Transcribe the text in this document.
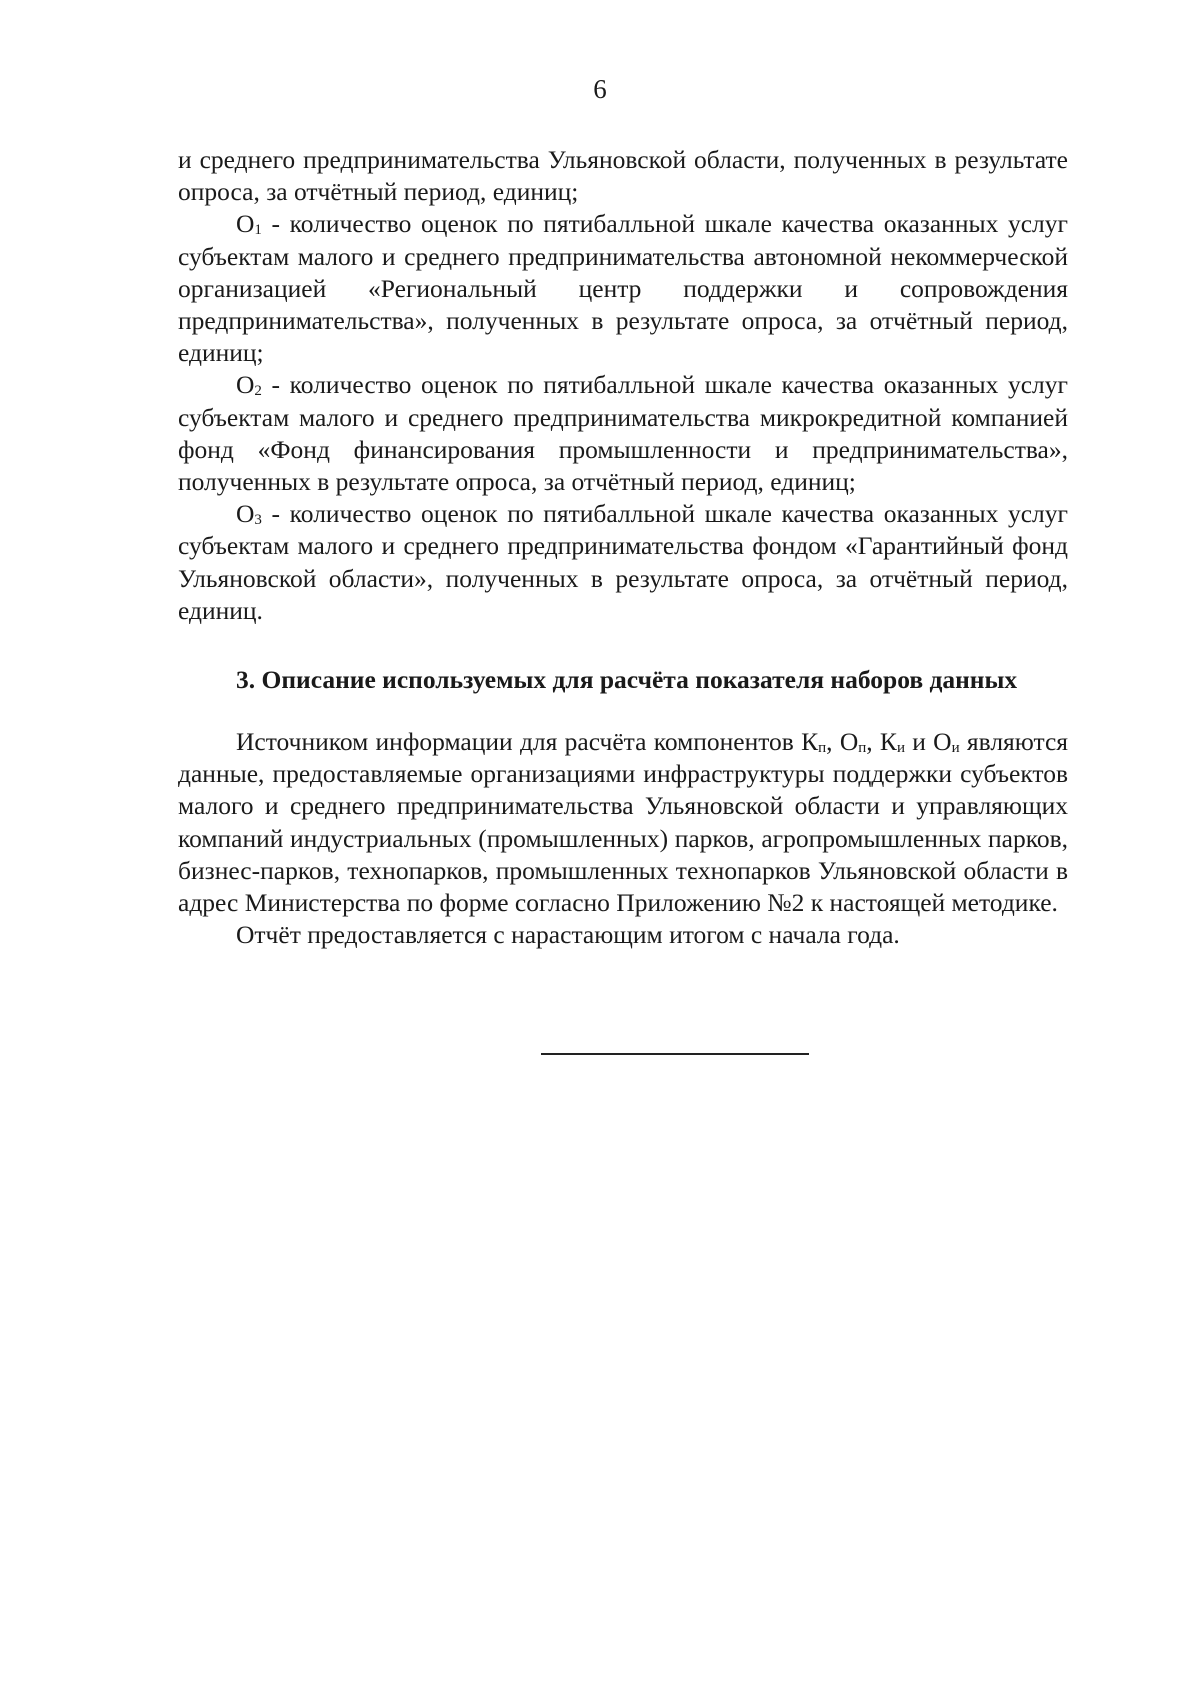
6

и среднего предпринимательства Ульяновской области, полученных в результате опроса, за отчётный период, единиц;

$О_1$ - количество оценок по пятибалльной шкале качества оказанных услуг субъектам малого и среднего предпринимательства автономной некоммерческой организацией «Региональный центр поддержки и сопровождения предпринимательства», полученных в результате опроса, за отчётный период, единиц;

$О_2$ - количество оценок по пятибалльной шкале качества оказанных услуг субъектам малого и среднего предпринимательства микрокредитной компанией фонд «Фонд финансирования промышленности и предпринимательства», полученных в результате опроса, за отчётный период, единиц;

$О_3$ - количество оценок по пятибалльной шкале качества оказанных услуг субъектам малого и среднего предпринимательства фондом «Гарантийный фонд Ульяновской области», полученных в результате опроса, за отчётный период, единиц.

3. Описание используемых для расчёта показателя наборов данных

Источником информации для расчёта компонентов $К_п$, $О_п$, $К_и$ и $О_и$ являются данные, предоставляемые организациями инфраструктуры поддержки субъектов малого и среднего предпринимательства Ульяновской области и управляющих компаний индустриальных (промышленных) парков, агропромышленных парков, бизнес-парков, технопарков, промышленных технопарков Ульяновской области в адрес Министерства по форме согласно Приложению №2 к настоящей методике.

Отчёт предоставляется с нарастающим итогом с начала года.
